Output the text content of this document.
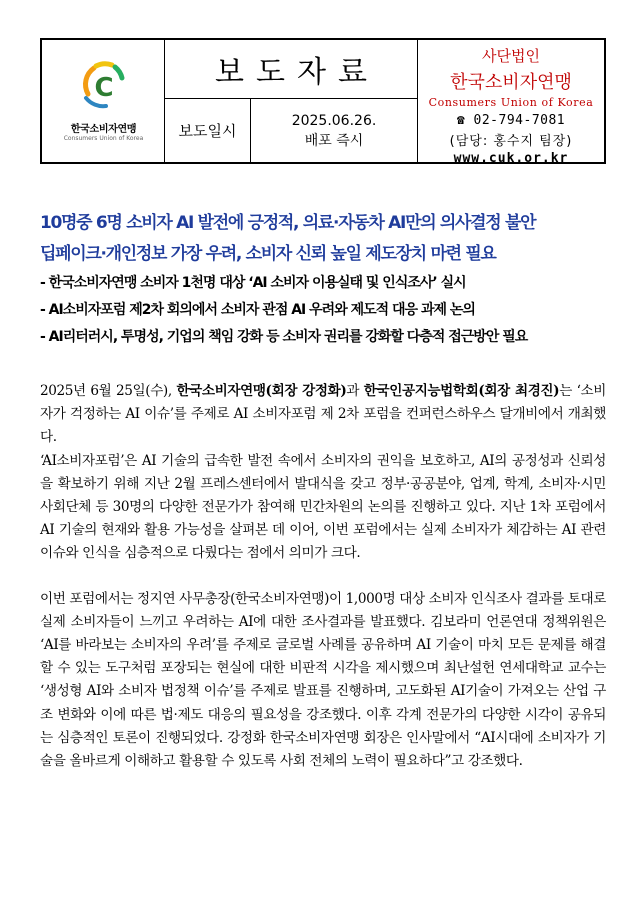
C
한국소비자연맹
Consumers Union of Korea
보도자료
보도일시
2025.06.26.
배포 즉시
사단법인
한국소비자연맹
Consumers Union of Korea
☎ 02-794-7081
(담당: 홍수지 팀장)
www.cuk.or.kr
10명중 6명 소비자 AI 발전에 긍정적, 의료·자동차 AI만의 의사결정 불안
딥페이크·개인정보 가장 우려, 소비자 신뢰 높일 제도장치 마련 필요
- 한국소비자연맹 소비자 1천명 대상 ‘AI 소비자 이용실태 및 인식조사’ 실시
- AI소비자포럼 제2차 회의에서 소비자 관점 AI 우려와 제도적 대응 과제 논의
- AI리터러시, 투명성, 기업의 책임 강화 등 소비자 권리를 강화할 다층적 접근방안 필요

2025년 6월 25일(수), 한국소비자연맹(회장 강정화)과 한국인공지능법학회(회장 최경진)는 ‘소비자가 걱정하는 AI 이슈’를 주제로 AI 소비자포럼 제 2차 포럼을 컨퍼런스하우스 달개비에서 개최했다.

‘AI소비자포럼’은 AI 기술의 급속한 발전 속에서 소비자의 권익을 보호하고, AI의 공정성과 신뢰성을 확보하기 위해 지난 2월 프레스센터에서 발대식을 갖고 정부·공공분야, 업계, 학계, 소비자·시민사회단체 등 30명의 다양한 전문가가 참여해 민간차원의 논의를 진행하고 있다. 지난 1차 포럼에서 AI 기술의 현재와 활용 가능성을 살펴본 데 이어, 이번 포럼에서는 실제 소비자가 체감하는 AI 관련 이슈와 인식을 심층적으로 다뤘다는 점에서 의미가 크다.

이번 포럼에서는 정지연 사무총장(한국소비자연맹)이 1,000명 대상 소비자 인식조사 결과를 토대로 실제 소비자들이 느끼고 우려하는 AI에 대한 조사결과를 발표했다. 김보라미 언론연대 정책위원은 ‘AI를 바라보는 소비자의 우려’를 주제로 글로벌 사례를 공유하며 AI 기술이 마치 모든 문제를 해결할 수 있는 도구처럼 포장되는 현실에 대한 비판적 시각을 제시했으며 최난설헌 연세대학교 교수는 ‘생성형 AI와 소비자 법정책 이슈’를 주제로 발표를 진행하며, 고도화된 AI기술이 가져오는 산업 구조 변화와 이에 따른 법·제도 대응의 필요성을 강조했다. 이후 각계 전문가의 다양한 시각이 공유되는 심층적인 토론이 진행되었다. 강정화 한국소비자연맹 회장은 인사말에서 “AI시대에 소비자가 기술을 올바르게 이해하고 활용할 수 있도록 사회 전체의 노력이 필요하다”고 강조했다.
